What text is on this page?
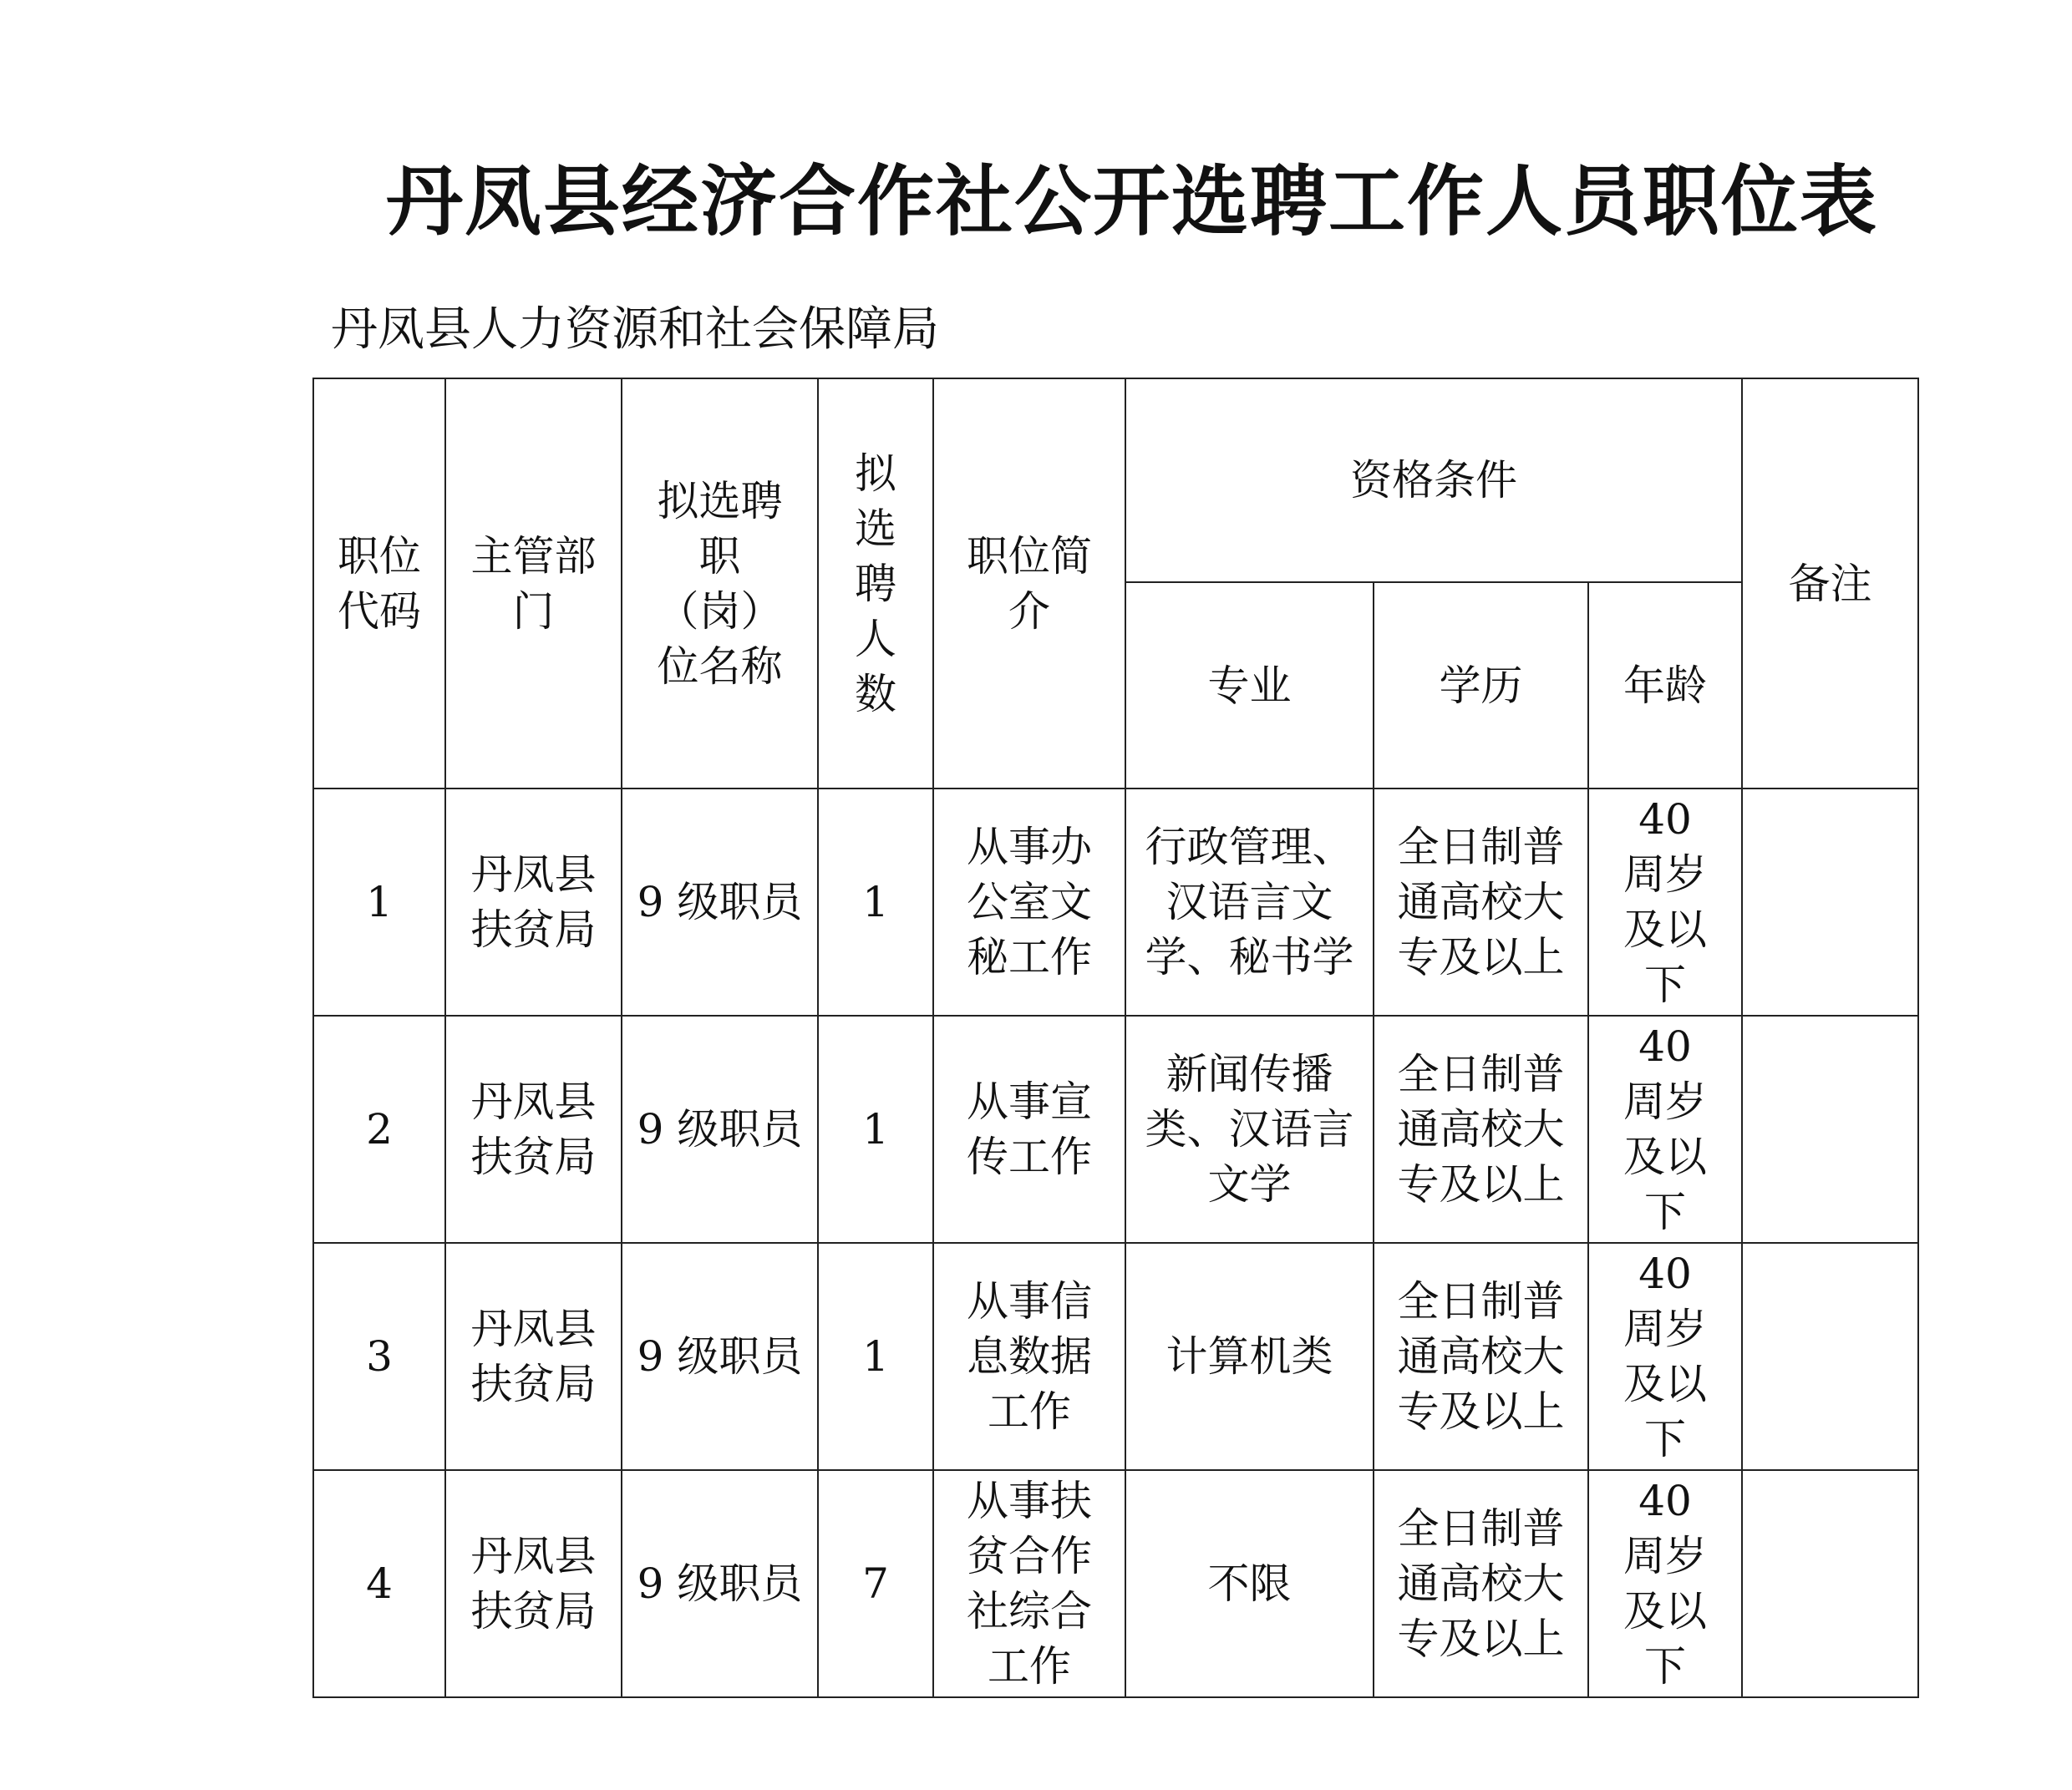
丹凤县经济合作社公开选聘工作人员职位表
丹凤县人力资源和社会保障局
职位代码	主管部门	拟选聘职（岗）位名称	拟选聘人数	职位简介	资格条件			备注
					专业	学历	年龄	
1	丹凤县扶贫局	9 级职员	1	从事办公室文秘工作	行政管理、汉语言文学、秘书学	全日制普通高校大专及以上	40 周岁及以下	
2	丹凤县扶贫局	9 级职员	1	从事宣传工作	新闻传播类、汉语言文学	全日制普通高校大专及以上	40 周岁及以下	
3	丹凤县扶贫局	9 级职员	1	从事信息数据工作	计算机类	全日制普通高校大专及以上	40 周岁及以下	
4	丹凤县扶贫局	9 级职员	7	从事扶贫合作社综合工作	不限	全日制普通高校大专及以上	40 周岁及以下	
